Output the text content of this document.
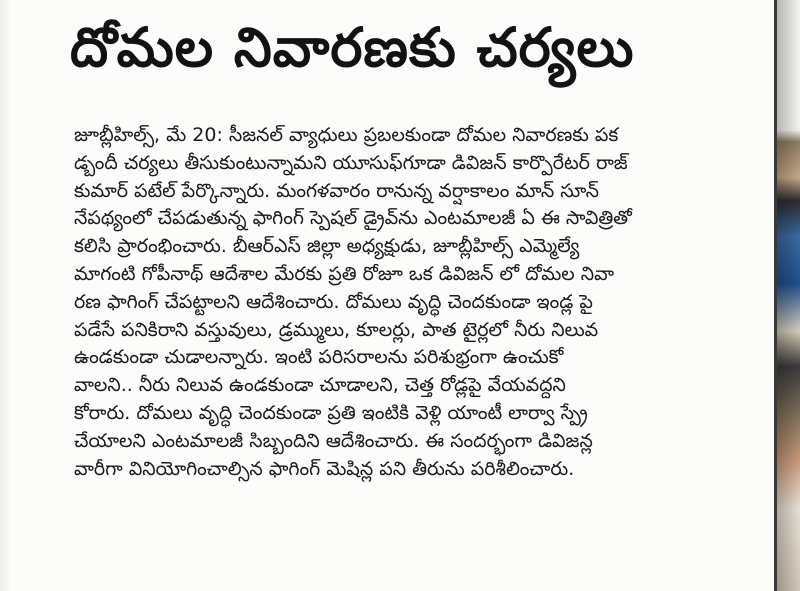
దోమల నివారణకు చర్యలు
జూబ్లీహిల్స్, మే 20: సీజనల్ వ్యాధులు ప్రబలకుండా దోమల నివారణకు పక
డ్బందీ చర్యలు తీసుకుంటున్నామని యూసుఫ్‌గూడా డివిజన్ కార్పొరేటర్ రాజ్
కుమార్ పటేల్ పేర్కొన్నారు. మంగళవారం రానున్న వర్షాకాలం మాన్ సూన్
నేపథ్యంలో చేపడుతున్న ఫాగింగ్ స్పెషల్ డ్రైవ్‌ను ఎంటమాలజీ ఏ ఈ సావిత్రితో
కలిసి ప్రారంభించారు. బీఆర్ఎస్ జిల్లా అధ్యక్షుడు, జూబ్లీహిల్స్ ఎమ్మెల్యే
మాగంటి గోపీనాథ్ ఆదేశాల మేరకు ప్రతి రోజూ ఒక డివిజన్ లో దోమల నివా
రణ ఫాగింగ్ చేపట్టాలని ఆదేశించారు. దోమలు వృద్ధి చెందకుండా ఇండ్ల పై
పడేసే పనికిరాని వస్తువులు, డ్రమ్ములు, కూలర్లు, పాత టైర్లలో నీరు నిలువ
ఉండకుండా చుడాలన్నారు. ఇంటి పరిసరాలను పరిశుభ్రంగా ఉంచుకో
వాలని.. నీరు నిలువ ఉండకుండా చూడాలని, చెత్త రోడ్లపై వేయవద్దని
కోరారు. దోమలు వృద్ధి చెందకుండా ప్రతి ఇంటికి వెళ్లి యాంటీ లార్వా స్ప్రే
చేయాలని ఎంటమాలజీ సిబ్బందిని ఆదేశించారు. ఈ సందర్భంగా డివిజన్ల
వారీగా వినియోగించాల్సిన ఫాగింగ్ మెషిన్ల పని తీరును పరిశీలించారు.
